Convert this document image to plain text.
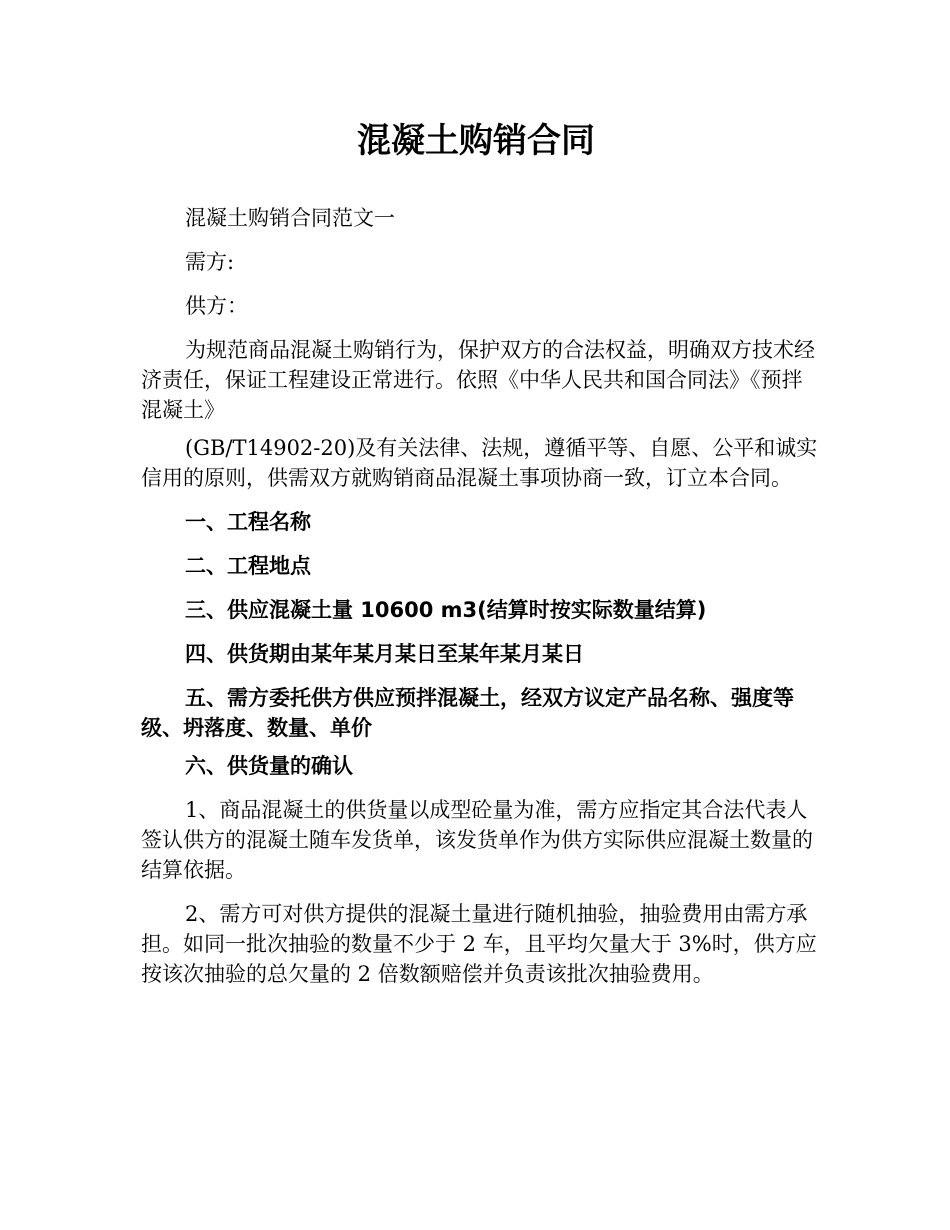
混凝土购销合同

混凝土购销合同范文一

需方:

供方：

为规范商品混凝土购销行为，保护双方的合法权益，明确双方技术经济责任，保证工程建设正常进行。依照《中华人民共和国合同法》《预拌混凝土》

(GB/T14902-20)及有关法律、法规，遵循平等、自愿、公平和诚实信用的原则，供需双方就购销商品混凝土事项协商一致，订立本合同。

一、工程名称

二、工程地点

三、供应混凝土量 10600 m3(结算时按实际数量结算)

四、供货期由某年某月某日至某年某月某日

五、需方委托供方供应预拌混凝土，经双方议定产品名称、强度等级、坍落度、数量、单价

六、供货量的确认

1、商品混凝土的供货量以成型砼量为准，需方应指定其合法代表人签认供方的混凝土随车发货单，该发货单作为供方实际供应混凝土数量的结算依据。

2、需方可对供方提供的混凝土量进行随机抽验，抽验费用由需方承担。如同一批次抽验的数量不少于 2 车，且平均欠量大于 3%时，供方应按该次抽验的总欠量的 2 倍数额赔偿并负责该批次抽验费用。
